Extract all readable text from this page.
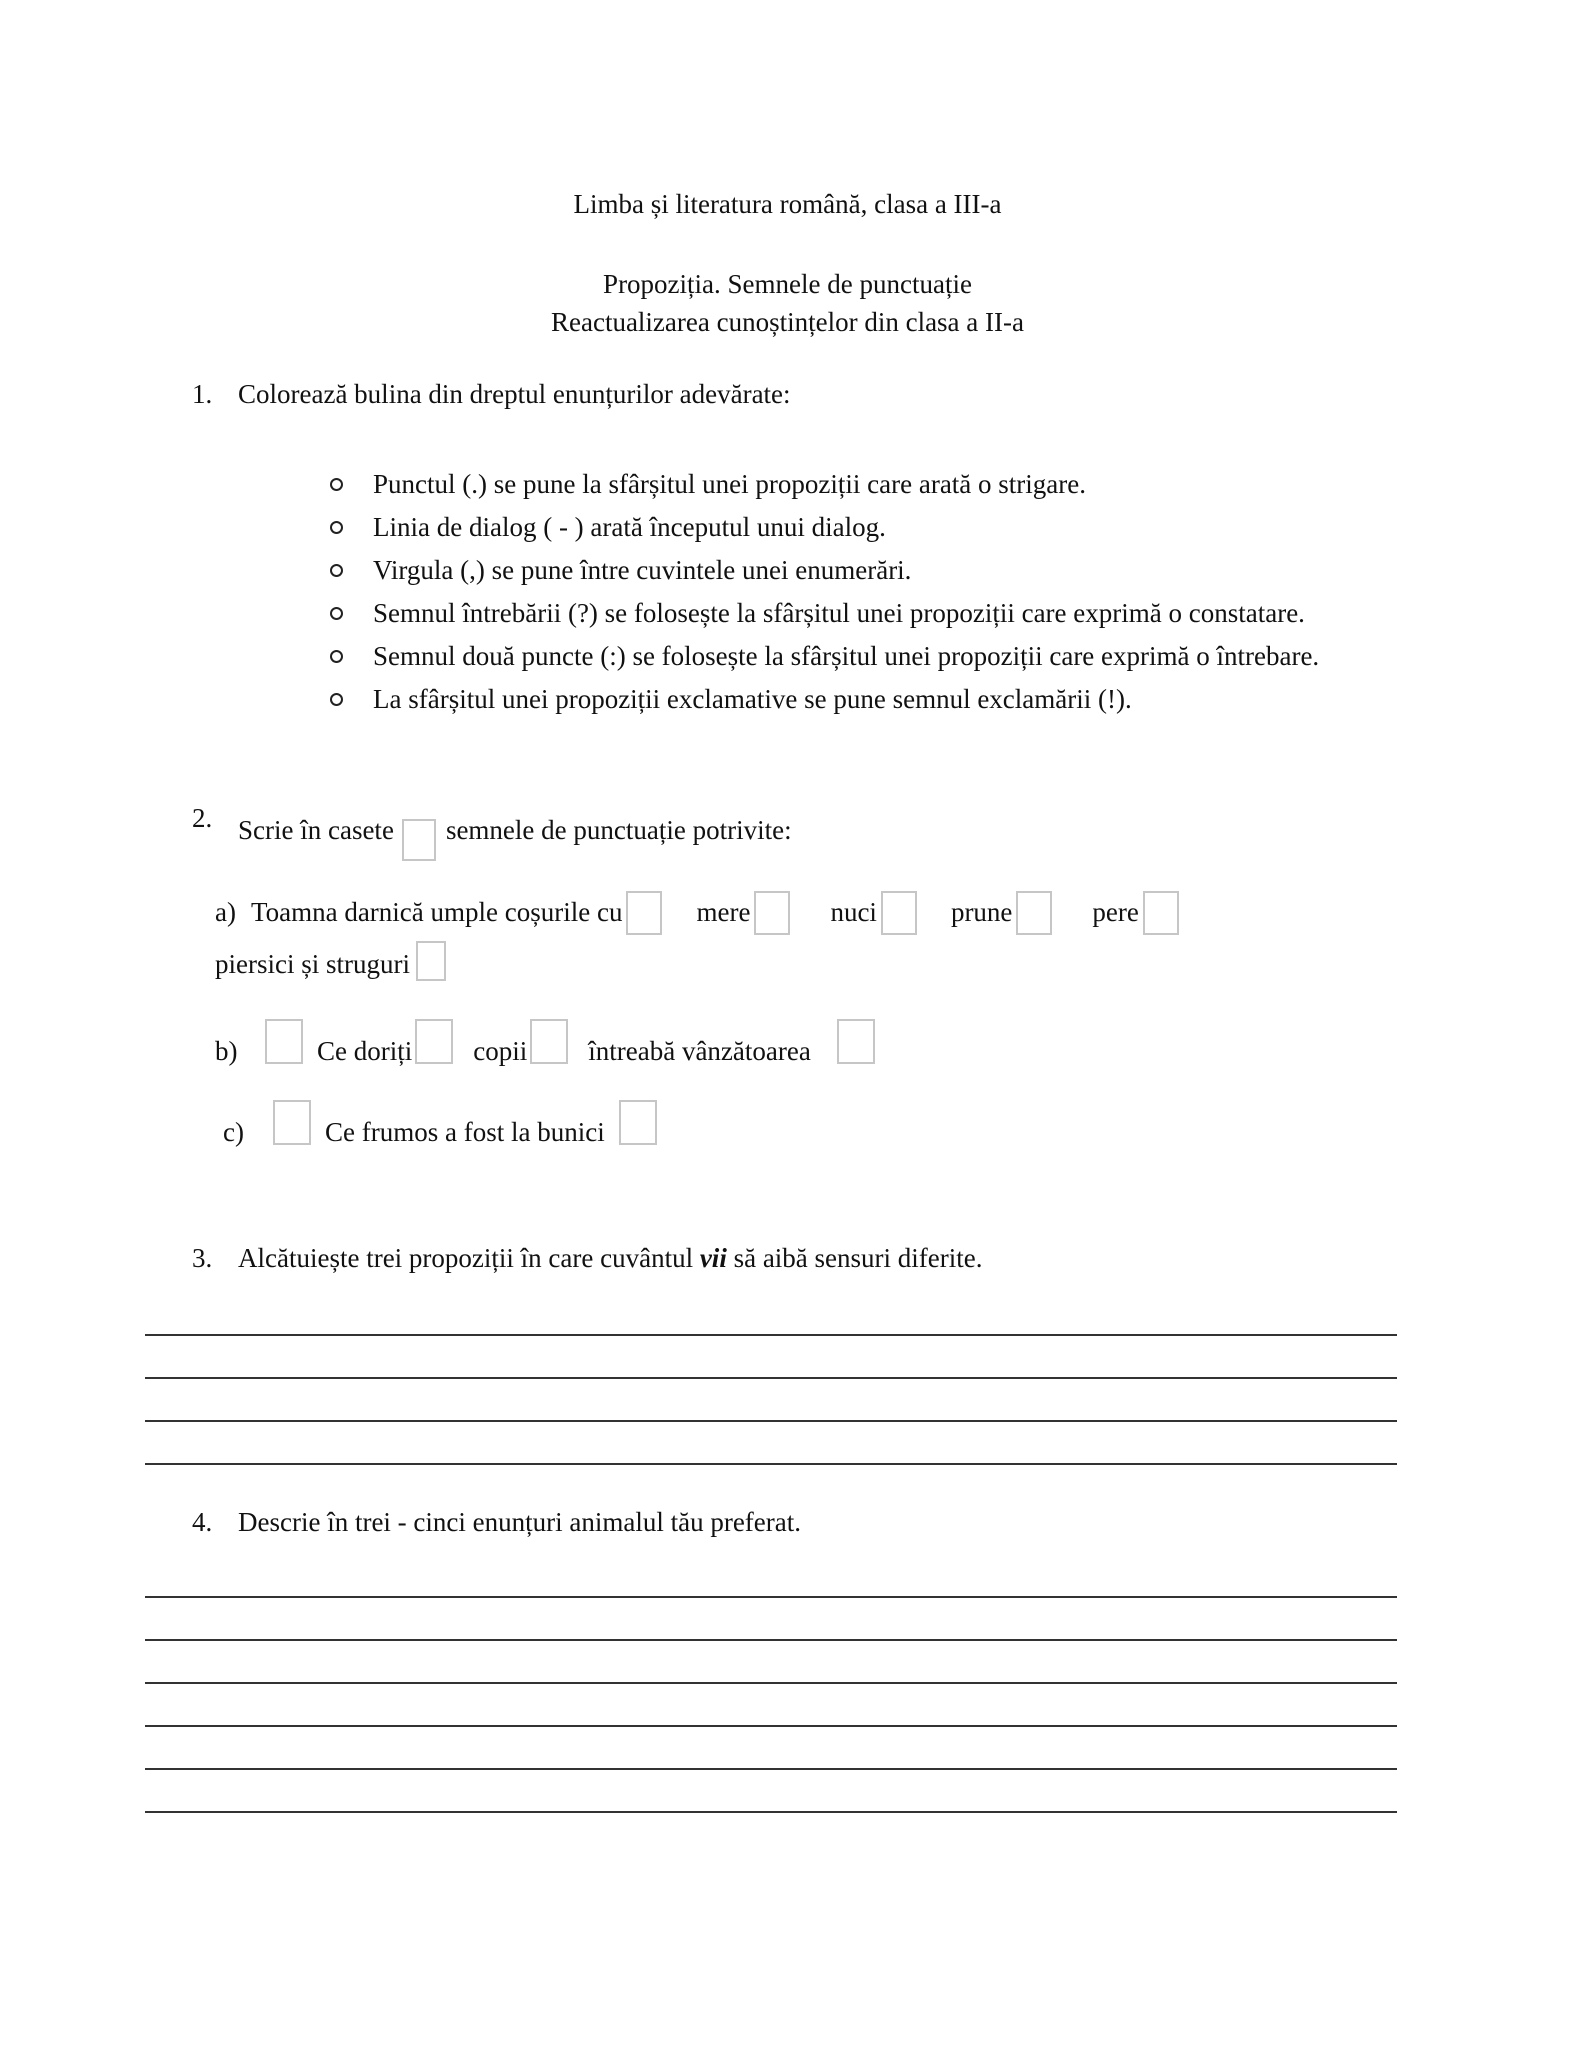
Limba și literatura română, clasa a III-a
Propoziția. Semnele de punctuație
Reactualizarea cunoștințelor din clasa a II-a
1. Colorează bulina din dreptul enunțurilor adevărate:
Punctul (.) se pune la sfârșitul unei propoziții care arată o strigare.
Linia de dialog ( - ) arată începutul unui dialog.
Virgula (,) se pune între cuvintele unei enumerări.
Semnul întrebării (?) se folosește la sfârșitul unei propoziții care exprimă o constatare.
Semnul două puncte (:) se folosește la sfârșitul unei propoziții care exprimă o întrebare.
La sfârșitul unei propoziții exclamative se pune semnul exclamării (!).
2. Scrie în casete semnele de punctuație potrivite:
a) Toamna darnică umple coșurile cu	mere	nuci	prune	pere
piersici și struguri
b)	Ce doriți copii întreabă vânzătoarea
c)	Ce frumos a fost la bunici
3. Alcătuiește trei propoziții în care cuvântul vii să aibă sensuri diferite.
4. Descrie în trei - cinci enunțuri animalul tău preferat.
